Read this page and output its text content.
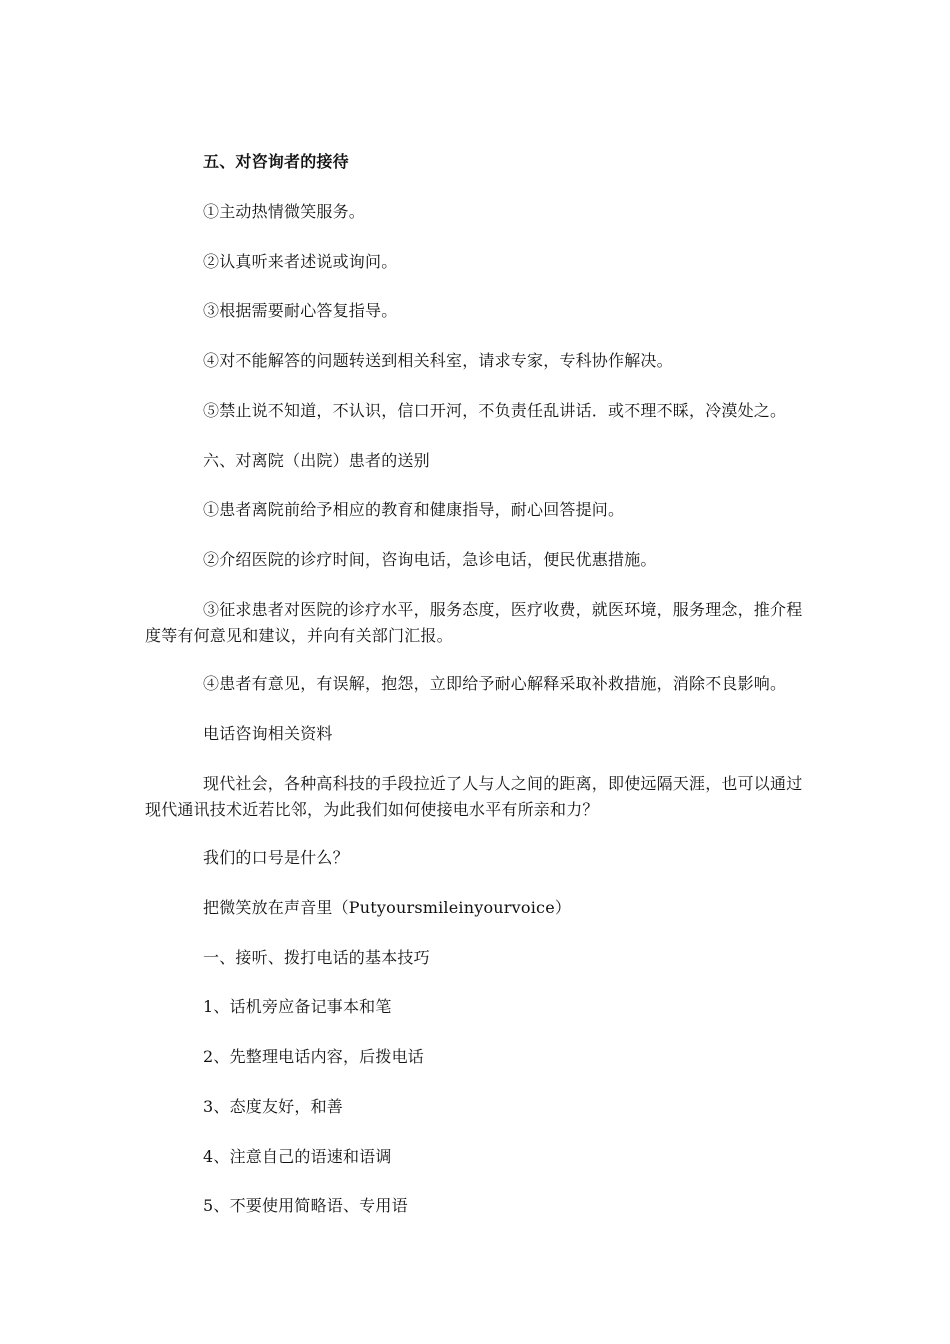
五、对咨询者的接待
①主动热情微笑服务。
②认真听来者述说或询问。
③根据需要耐心答复指导。
④对不能解答的问题转送到相关科室，请求专家，专科协作解决。
⑤禁止说不知道，不认识，信口开河，不负责任乱讲话．或不理不睬，冷漠处之。
六、对离院（出院）患者的送别
①患者离院前给予相应的教育和健康指导，耐心回答提问。
②介绍医院的诊疗时间，咨询电话，急诊电话，便民优惠措施。
③征求患者对医院的诊疗水平，服务态度，医疗收费，就医环境，服务理念，推介程度等有何意见和建议，并向有关部门汇报。
④患者有意见，有误解，抱怨，立即给予耐心解释采取补救措施，消除不良影响。
电话咨询相关资料
现代社会，各种高科技的手段拉近了人与人之间的距离，即使远隔天涯，也可以通过现代通讯技术近若比邻，为此我们如何使接电水平有所亲和力？
我们的口号是什么？
把微笑放在声音里（Putyoursmileinyourvoice）
一、接听、拨打电话的基本技巧
1、话机旁应备记事本和笔
2、先整理电话内容，后拨电话
3、态度友好，和善
4、注意自己的语速和语调
5、不要使用简略语、专用语
